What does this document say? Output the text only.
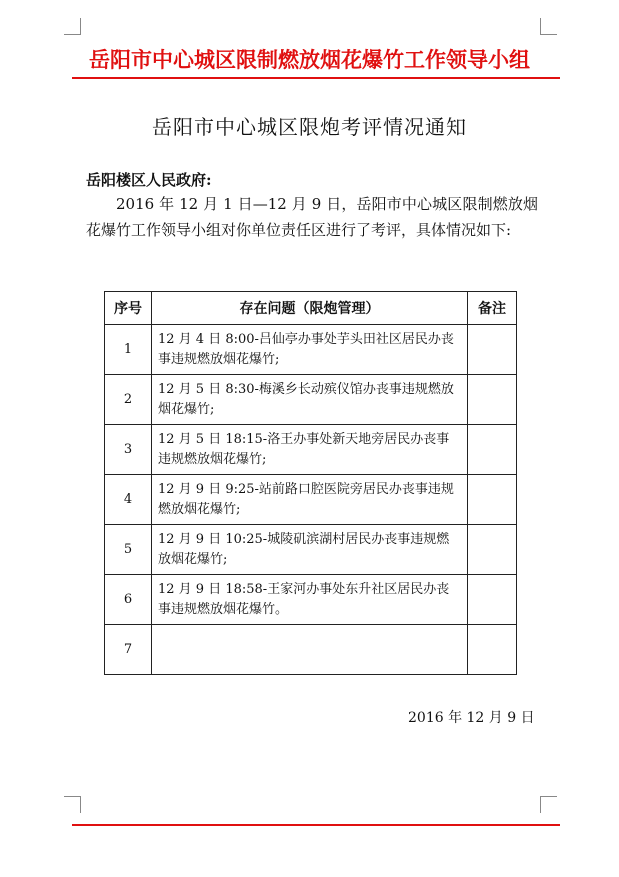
岳阳市中心城区限制燃放烟花爆竹工作领导小组
岳阳市中心城区限炮考评情况通知
岳阳楼区人民政府:
2016 年 12 月 1 日—12 月 9 日，岳阳市中心城区限制燃放烟花爆竹工作领导小组对你单位责任区进行了考评，具体情况如下:
序号	存在问题（限炮管理）	备注
1	12 月 4 日 8:00-吕仙亭办事处芋头田社区居民办丧事违规燃放烟花爆竹;	
2	12 月 5 日 8:30-梅溪乡长动殡仪馆办丧事违规燃放烟花爆竹;	
3	12 月 5 日 18:15-洛王办事处新天地旁居民办丧事违规燃放烟花爆竹;	
4	12 月 9 日 9:25-站前路口腔医院旁居民办丧事违规燃放烟花爆竹;	
5	12 月 9 日 10:25-城陵矶滨湖村居民办丧事违规燃放烟花爆竹;	
6	12 月 9 日 18:58-王家河办事处东升社区居民办丧事违规燃放烟花爆竹。	
7		
2016 年 12 月 9 日
